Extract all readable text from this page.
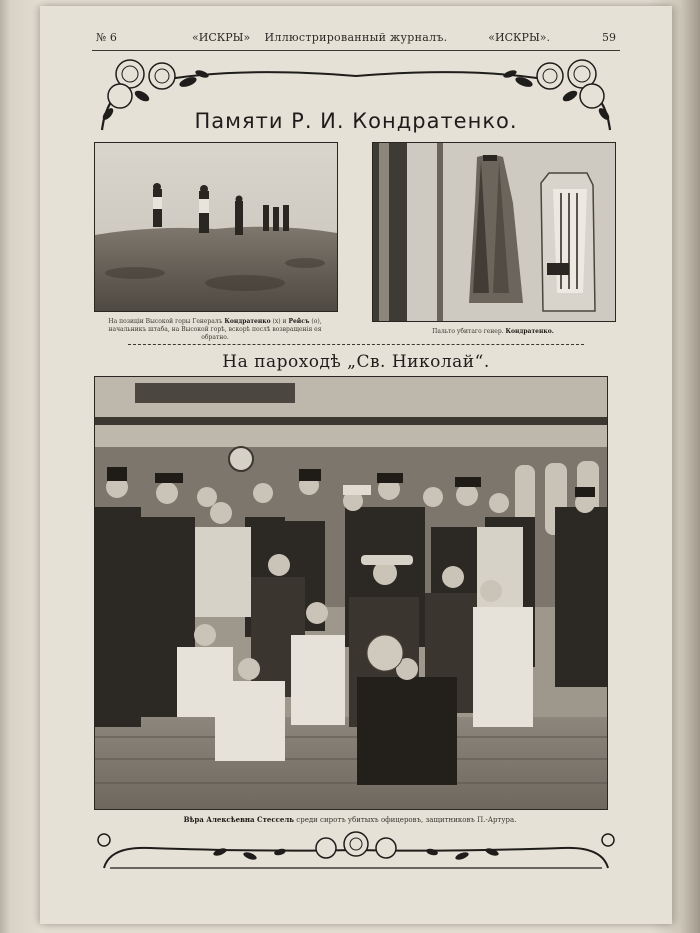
№ 6	«ИСКРЫ» Иллюстрированный журналъ.	«ИСКРЫ».	59
Памяти Р. И. Кондратенко.
На позиціи Высокой горы Генералъ Кондратенко (х) и Рейсъ (о), начальникъ штаба, на Высокой горѣ, вскорѣ послѣ возвращенія ея обратно.
Пальто убитаго генер. Кондратенко.
На пароходѣ „Св. Николай“.
Вѣра Алексѣевна Стессель среди сиротъ убитыхъ офицеровъ, защитниковъ П.-Артура.
